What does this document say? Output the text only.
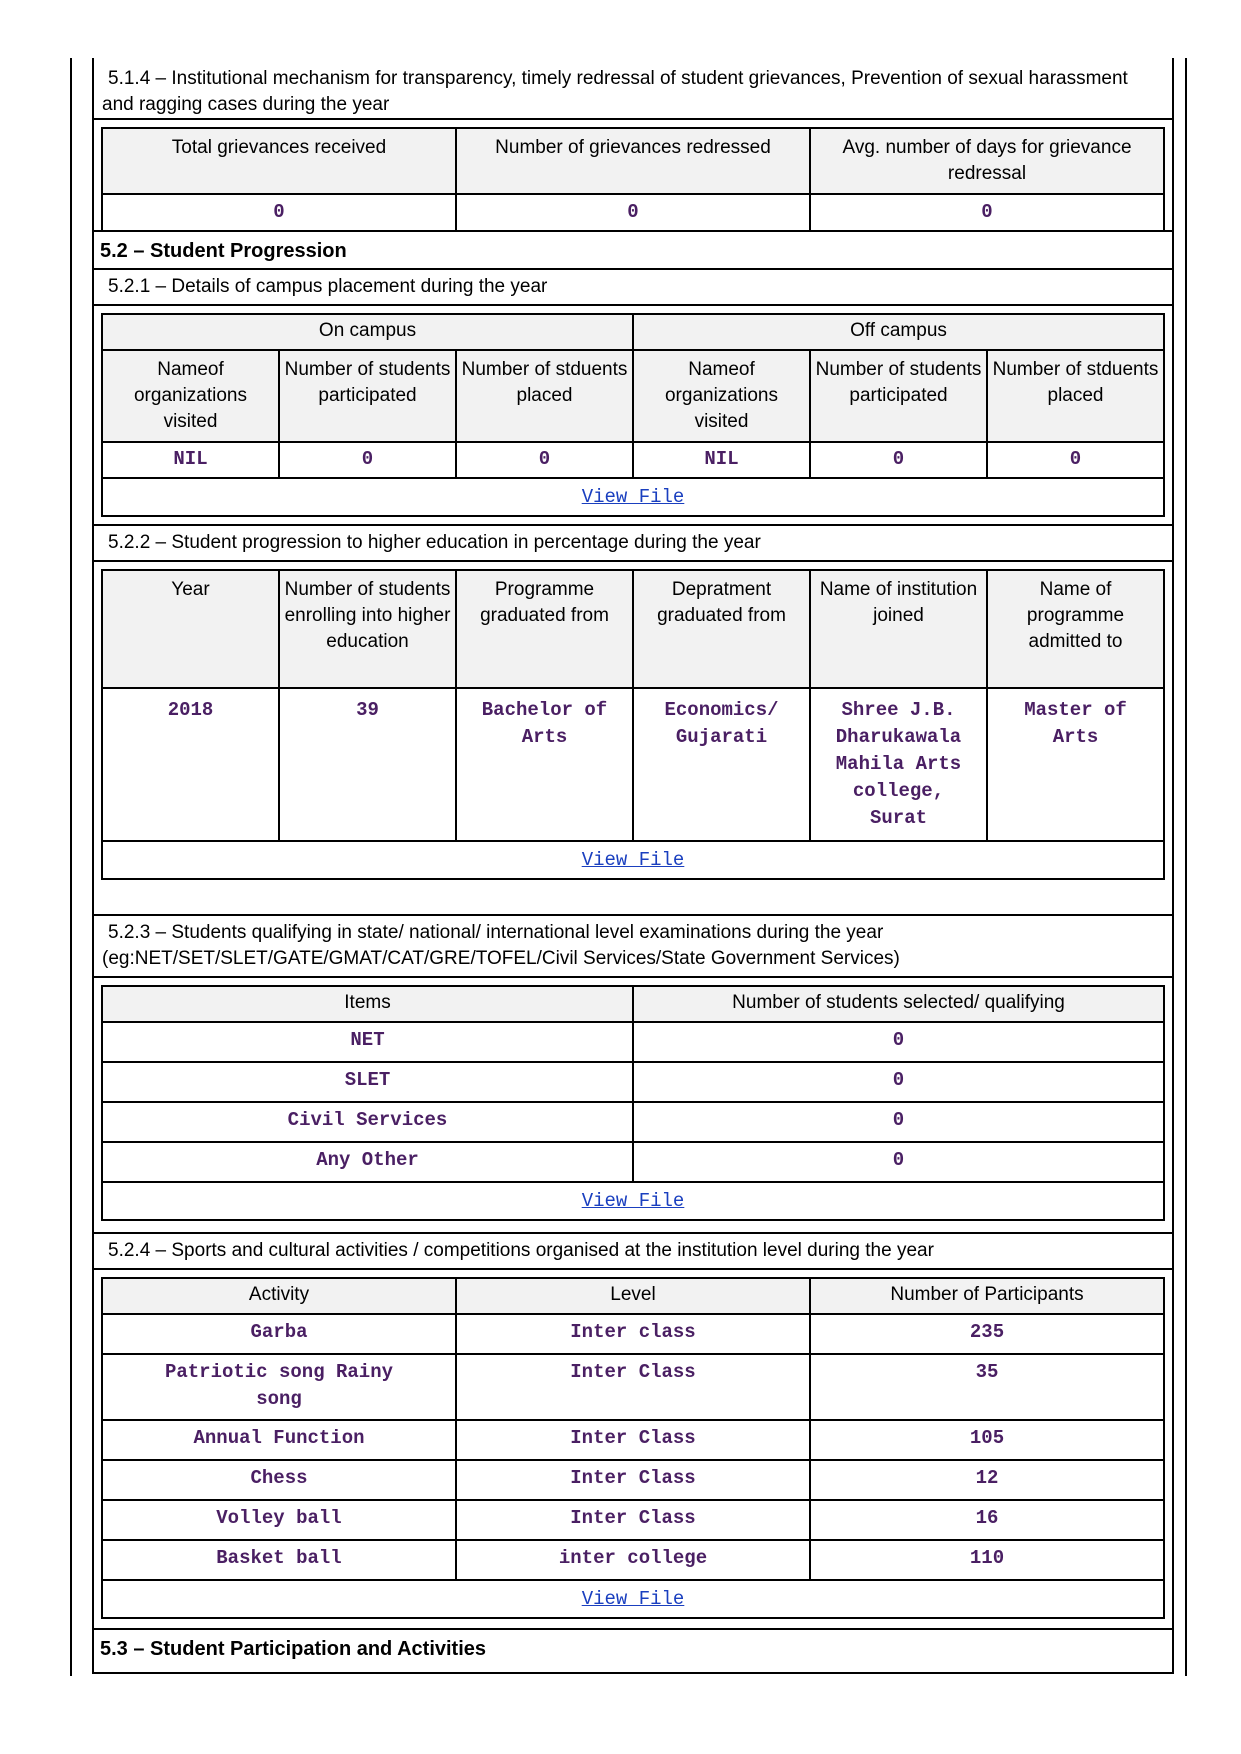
5.1.4 – Institutional mechanism for transparency, timely redressal of student grievances, Prevention of sexual harassment and ragging cases during the year
Total grievances received	Number of grievances redressed	Avg. number of days for grievance redressal
0	0	0
5.2 – Student Progression
5.2.1 – Details of campus placement during the year
On campus			Off campus		
Nameof organizations visited	Number of students participated	Number of stduents placed	Nameof organizations visited	Number of students participated	Number of stduents placed
NIL	0	0	NIL	0	0
View File					
5.2.2 – Student progression to higher education in percentage during the year
Year	Number of students enrolling into higher education	Programme graduated from	Depratment graduated from	Name of institution joined	Name of programme admitted to
2018	39	Bachelor of Arts	Economics/ Gujarati	Shree J.B. Dharukawala Mahila Arts college, Surat	Master of Arts
View File					
5.2.3 – Students qualifying in state/ national/ international level examinations during the year
(eg:NET/SET/SLET/GATE/GMAT/CAT/GRE/TOFEL/Civil Services/State Government Services)
Items	Number of students selected/ qualifying
NET	0
SLET	0
Civil Services	0
Any Other	0
View File	
5.2.4 – Sports and cultural activities / competitions organised at the institution level during the year
Activity	Level	Number of Participants
Garba	Inter class	235
Patriotic song Rainy song	Inter Class	35
Annual Function	Inter Class	105
Chess	Inter Class	12
Volley ball	Inter Class	16
Basket ball	inter college	110
View File		
5.3 – Student Participation and Activities
